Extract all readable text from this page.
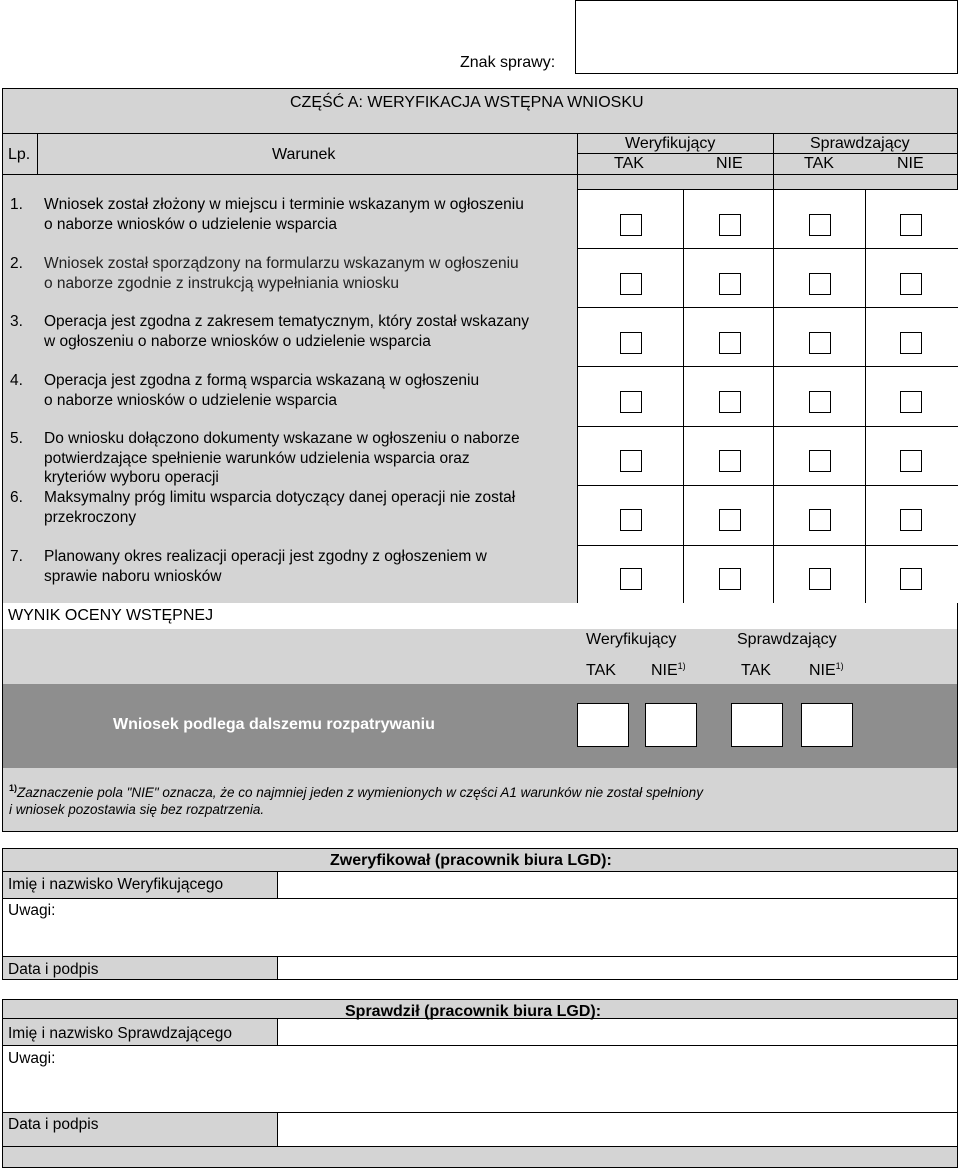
Znak sprawy:
CZĘŚĆ A: WERYFIKACJA WSTĘPNA WNIOSKU
Lp.	Warunek
Weryfikujący	Sprawdzający
TAK	NIE	TAK	NIE
1. Wniosek został złożony w miejscu i terminie wskazanym w ogłoszeniu
o naborze wniosków o udzielenie wsparcia
2. Wniosek został sporządzony na formularzu wskazanym w ogłoszeniu
o naborze zgodnie z instrukcją wypełniania wniosku
3. Operacja jest zgodna z zakresem tematycznym, który został wskazany
w ogłoszeniu o naborze wniosków o udzielenie wsparcia
4. Operacja jest zgodna z formą wsparcia wskazaną w ogłoszeniu
o naborze wniosków o udzielenie wsparcia
5. Do wniosku dołączono dokumenty wskazane w ogłoszeniu o naborze
potwierdzające spełnienie warunków udzielenia wsparcia oraz
kryteriów wyboru operacji
6. Maksymalny próg limitu wsparcia dotyczący danej operacji nie został
przekroczony
7. Planowany okres realizacji operacji jest zgodny z ogłoszeniem w
sprawie naboru wniosków
WYNIK OCENY WSTĘPNEJ
Weryfikujący	Sprawdzający
TAK NIE$^{1)}$	TAK NIE$^{1)}$
Wniosek podlega dalszemu rozpatrywaniu
$^{1)}$Zaznaczenie pola "NIE" oznacza, że co najmniej jeden z wymienionych w części A1 warunków nie został spełniony
i wniosek pozostawia się bez rozpatrzenia.
Zweryfikował (pracownik biura LGD):
Imię i nazwisko Weryfikującego
Uwagi:
Data i podpis
Sprawdził (pracownik biura LGD):
Imię i nazwisko Sprawdzającego
Uwagi:
Data i podpis
